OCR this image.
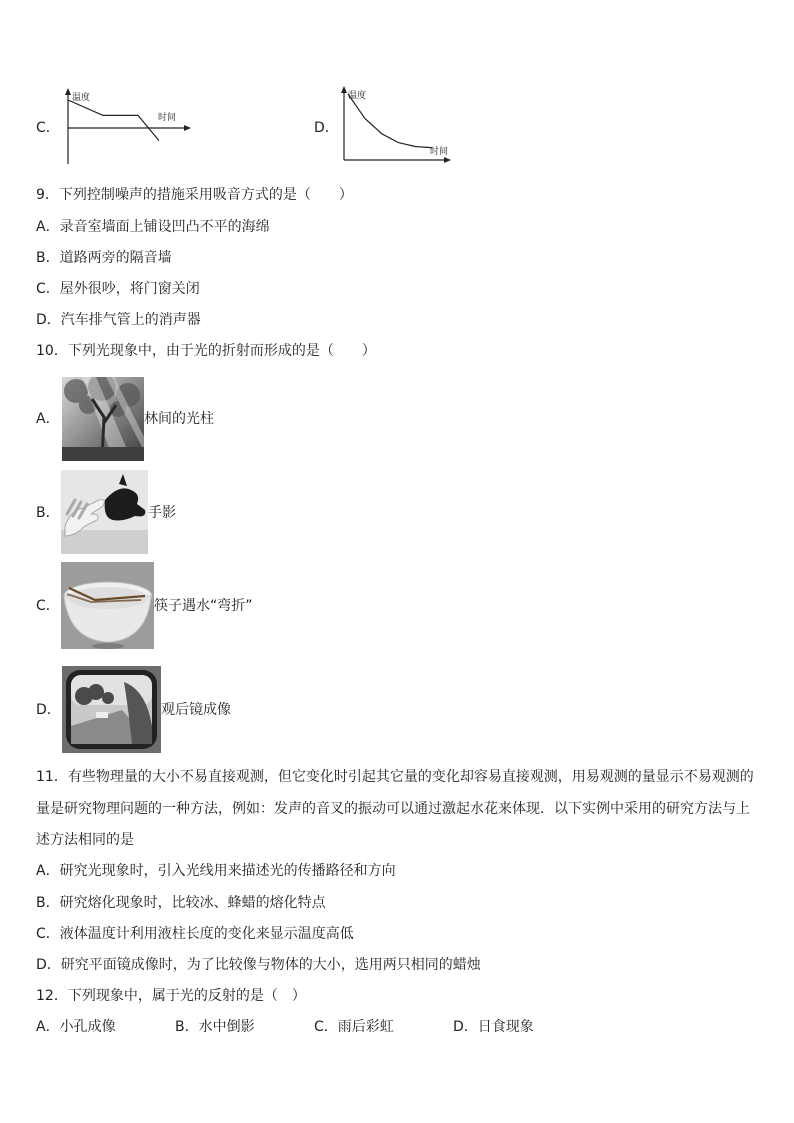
C．
温度
时间
D．
温度
时间
9．下列控制噪声的措施采用吸音方式的是（　　）
A．录音室墙面上铺设凹凸不平的海绵
B．道路两旁的隔音墙
C．屋外很吵，将门窗关闭
D．汽车排气管上的消声器
10．下列光现象中，由于光的折射而形成的是（　　）
A．	林间的光柱
B．	手影
C．	筷子遇水“弯折”
D．	观后镜成像
11．有些物理量的大小不易直接观测，但它变化时引起其它量的变化却容易直接观测，用易观测的量显示不易观测的
量是研究物理问题的一种方法，例如：发声的音叉的振动可以通过激起水花来体现．以下实例中采用的研究方法与上
述方法相同的是
A．研究光现象时，引入光线用来描述光的传播路径和方向
B．研究熔化现象时，比较冰、蜂蜡的熔化特点
C．液体温度计利用液柱长度的变化来显示温度高低
D．研究平面镜成像时，为了比较像与物体的大小，选用两只相同的蜡烛
12．下列现象中，属于光的反射的是（　）
A．小孔成像	B．水中倒影	C．雨后彩虹	D．日食现象
